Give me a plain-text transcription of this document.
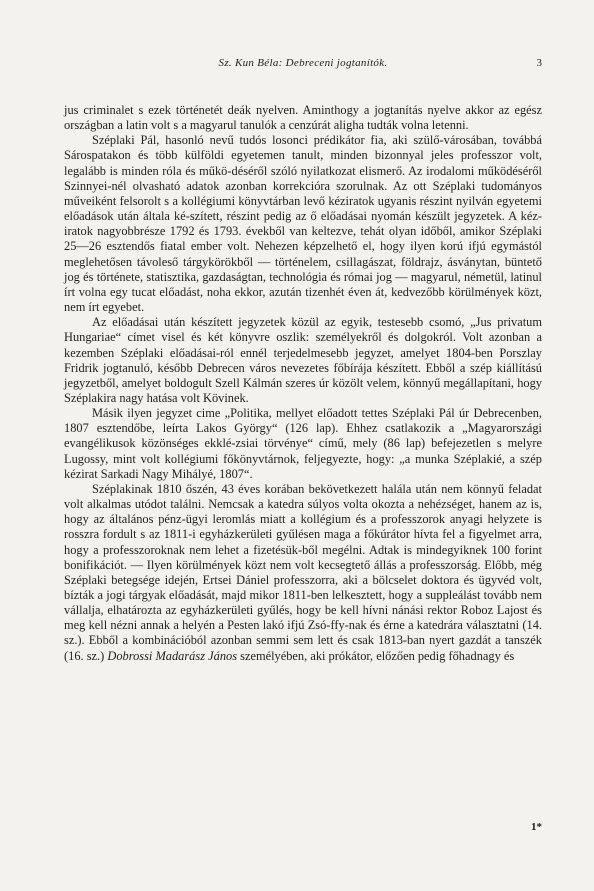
Sz. Kun Béla: Debreceni jogtanítók.	3

jus criminalet s ezek történetét deák nyelven. Aminthogy a jogtanítás nyelve akkor az egész országban a latin volt s a magyarul tanulók a cenzúrát aligha tudták volna letenni.

Széplaki Pál, hasonló nevű tudós losonci prédikátor fia, aki szülő-városában, továbbá Sárospatakon és több külföldi egyetemen tanult, minden bizonnyal jeles professzor volt, legalább is minden róla és műkö-déséről szóló nyilatkozat elismerő. Az irodalomi működéséről Szinnyei-nél olvasható adatok azonban korrekcióra szorulnak. Az ott Széplaki tudományos műveiként felsorolt s a kollégiumi könyvtárban levő kéziratok ugyanis részint nyilván egyetemi előadások után általa ké-szített, részint pedig az ő előadásai nyomán készült jegyzetek. A kéz-iratok nagyobbrésze 1792 és 1793. évekből van keltezve, tehát olyan időből, amikor Széplaki 25—26 esztendős fiatal ember volt. Nehezen képzelhető el, hogy ilyen korú ifjú egymástól meglehetősen távoleső tárgykörökből — történelem, csillagászat, földrajz, ásványtan, büntető jog és története, statisztika, gazdaságtan, technológia és római jog — magyarul, németül, latinul írt volna egy tucat előadást, noha ekkor, azután tizenhét éven át, kedvezőbb körülmények közt, nem írt egyebet.

Az előadásai után készített jegyzetek közül az egyik, testesebb csomó, „Jus privatum Hungariae“ címet visel és két könyvre oszlik: személyekről és dolgokról. Volt azonban a kezemben Széplaki előadásai-ról ennél terjedelmesebb jegyzet, amelyet 1804-ben Porszlay Fridrik jogtanuló, később Debrecen város nevezetes főbírája készített. Ebből a szép kiállítású jegyzetből, amelyet boldogult Szell Kálmán szeres úr közölt velem, könnyű megállapítani, hogy Széplakira nagy hatása volt Kövinek.

Másik ilyen jegyzet cime „Politika, mellyet előadott tettes Széplaki Pál úr Debrecenben, 1807 esztendőbe, leírta Lakos György“ (126 lap). Ehhez csatlakozik a „Magyarországi evangélikusok közönséges ekklé-zsiai törvénye“ című, mely (86 lap) befejezetlen s melyre Lugossy, mint volt kollégiumi főkönyvtárnok, feljegyezte, hogy: „a munka Széplakié, a szép kézirat Sarkadi Nagy Mihályé, 1807“.

Széplakinak 1810 őszén, 43 éves korában bekövetkezett halála után nem könnyű feladat volt alkalmas utódot találni. Nemcsak a katedra súlyos volta okozta a nehézséget, hanem az is, hogy az általános pénz-ügyi leromlás miatt a kollégium és a professzorok anyagi helyzete is rosszra fordult s az 1811-i egyházkerületi gyűlésen maga a főkúrátor hívta fel a figyelmet arra, hogy a professzoroknak nem lehet a fizetésük-ből megélni. Adtak is mindegyiknek 100 forint bonifikációt. — Ilyen körülmények közt nem volt kecsegtető állás a professzorság. Előbb, még Széplaki betegsége idején, Ertsei Dániel professzorra, aki a bölcselet doktora és ügyvéd volt, bízták a jogi tárgyak előadását, majd mikor 1811-ben lelkesztett, hogy a suppleálást tovább nem vállalja, elhatározta az egyházkerületi gyűlés, hogy be kell hívni nánási rektor Roboz Lajost és meg kell nézni annak a helyén a Pesten lakó ifjú Zsó-ffy-nak és érne a katedrára választatni (14. sz.). Ebből a kombinációból azonban semmi sem lett és csak 1813-ban nyert gazdát a tanszék (16. sz.) Dobrossi Madarász János személyében, aki prókátor, előzően pedig főhadnagy és

1*
